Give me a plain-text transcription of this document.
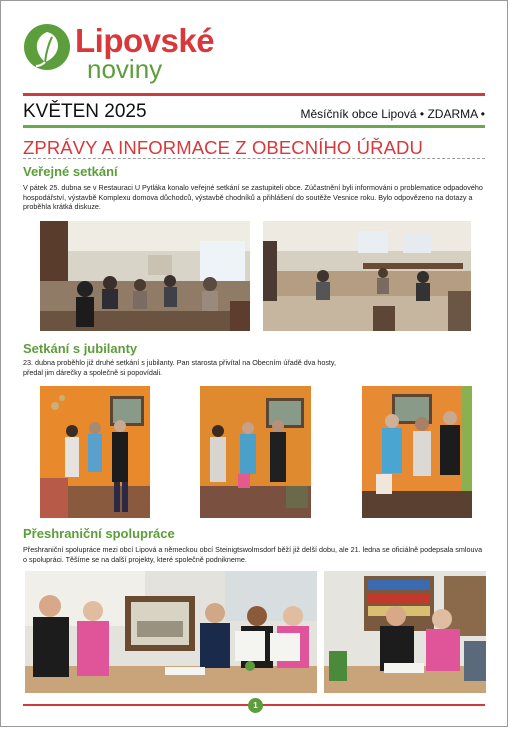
Lipovské
noviny
KVĚTEN 2025	Měsíčník obce Lipová • ZDARMA •
ZPRÁVY A INFORMACE Z OBECNÍHO ÚŘADU
Veřejné setkání

V pátek 25. dubna se v Restauraci U Pytláka konalo veřejné setkání se zastupiteli obce. Zúčastnění byli informováni o problematice odpadového hospodářství, výstavbě Komplexu domova důchodců, výstavbě chodníků a přihlášení do soutěže Vesnice roku. Bylo odpovězeno na dotazy a proběhla krátká diskuze.

Setkání s jubilanty

23. dubna proběhlo již druhé setkání s jubilanty. Pan starosta přivítal na Obecním úřadě dva hosty, předal jim dárečky a společně si popovídali.

Přeshraniční spolupráce

Přeshraniční spolupráce mezi obcí Lipová a německou obcí Steinigtswolmsdorf běží již delší dobu, ale 21. ledna se oficiálně podepsala smlouva o spolupráci. Těšíme se na další projekty, které společně podnikneme.

1
